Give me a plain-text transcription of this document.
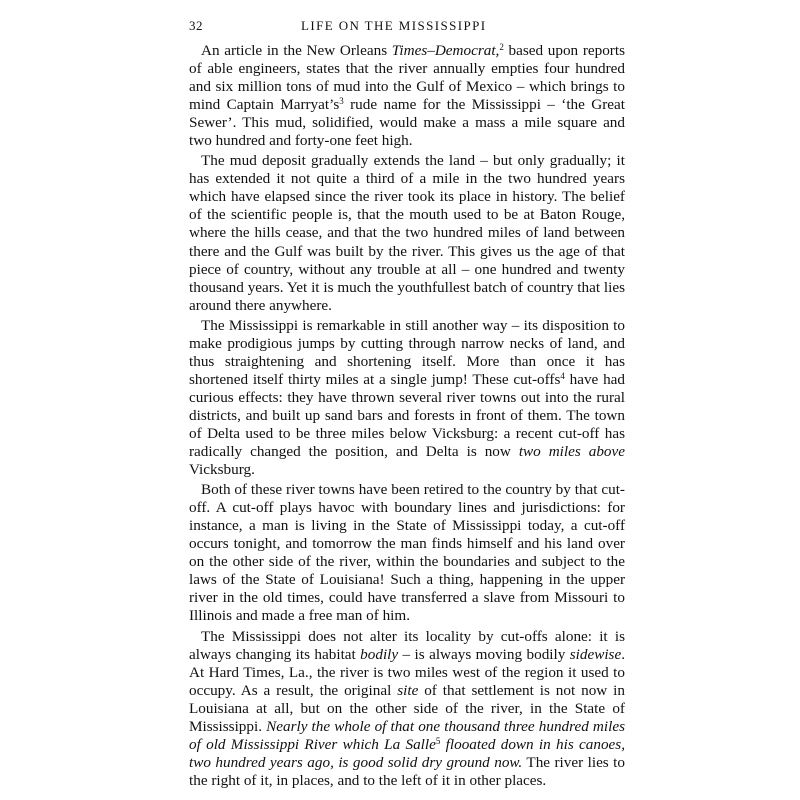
32	LIFE ON THE MISSISSIPPI

An article in the New Orleans Times–Democrat,$^2$ based upon reports of able engineers, states that the river annually empties four hundred and six million tons of mud into the Gulf of Mexico – which brings to mind Captain $Marryat’s^3$ rude name for the Mississippi – ‘the Great Sewer’. This mud, solidified, would make a mass a mile square and two hundred and forty-one feet high.

The mud deposit gradually extends the land – but only gradually; it has extended it not quite a third of a mile in the two hundred years which have elapsed since the river took its place in history. The belief of the scientific people is, that the mouth used to be at Baton Rouge, where the hills cease, and that the two hundred miles of land between there and the Gulf was built by the river. This gives us the age of that piece of country, without any trouble at all – one hundred and twenty thousand years. Yet it is much the youthfullest batch of country that lies around there anywhere.

The Mississippi is remarkable in still another way – its disposition to make prodigious jumps by cutting through narrow necks of land, and thus straightening and shortening itself. More than once it has shortened itself thirty miles at a single jump! These cut-offs$^4$ have had curious effects: they have thrown several river towns out into the rural districts, and built up sand bars and forests in front of them. The town of Delta used to be three miles below Vicksburg: a recent cut-off has radically changed the position, and Delta is now two miles above Vicksburg.

Both of these river towns have been retired to the country by that cut-off. A cut-off plays havoc with boundary lines and jurisdictions: for instance, a man is living in the State of Mississippi today, a cut-off occurs tonight, and tomorrow the man finds himself and his land over on the other side of the river, within the boundaries and subject to the laws of the State of Louisiana! Such a thing, happening in the upper river in the old times, could have transferred a slave from Missouri to Illinois and made a free man of him.

The Mississippi does not alter its locality by cut-offs alone: it is always changing its habitat bodily – is always moving bodily sidewise. At Hard Times, La., the river is two miles west of the region it used to occupy. As a result, the original site of that settlement is not now in Louisiana at all, but on the other side of the river, in the State of Mississippi. Nearly the whole of that one thousand three hundred miles of old Mississippi River which La Salle$^5$ flooated down in his canoes, two hundred years ago, is good solid dry ground now. The river lies to the right of it, in places, and to the left of it in other places.
